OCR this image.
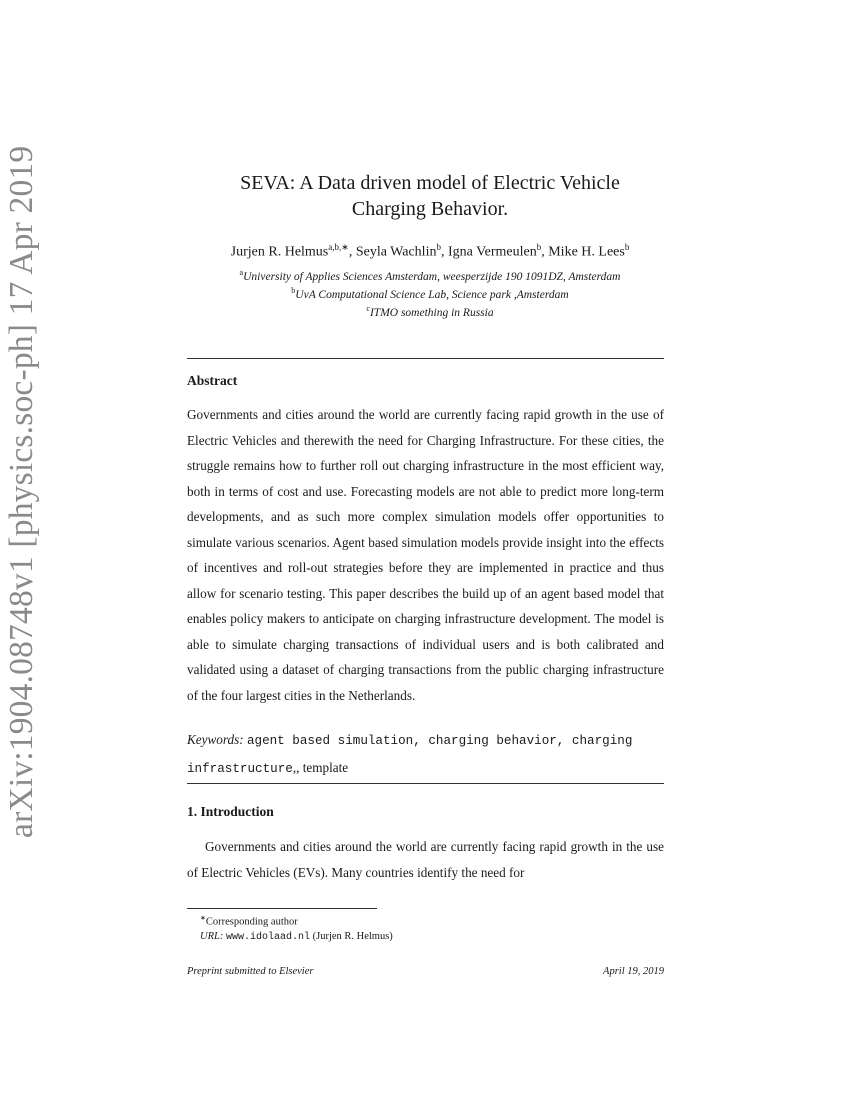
arXiv:1904.08748v1 [physics.soc-ph] 17 Apr 2019	SEVA: A Data driven model of Electric Vehicle
Charging Behavior.
Jurjen R. Helmus$^{a,b,∗}$, Seyla Wachlin$^b$, Igna Vermeulen$^b$, Mike H. Lees$^b$
$^a$University of Applies Sciences Amsterdam, weesperzijde 190 1091DZ, Amsterdam
$^b$UvA Computational Science Lab, Science park ,Amsterdam
$^c$ITMO something in Russia
Abstract
Governments and cities around the world are currently facing rapid growth in the use of Electric Vehicles and therewith the need for Charging Infrastructure. For these cities, the struggle remains how to further roll out charging infrastructure in the most efficient way, both in terms of cost and use. Forecasting models are not able to predict more long-term developments, and as such more complex simulation models offer opportunities to simulate various scenarios. Agent based simulation models provide insight into the effects of incentives and roll-out strategies before they are implemented in practice and thus allow for scenario testing. This paper describes the build up of an agent based model that enables policy makers to anticipate on charging infrastructure development. The model is able to simulate charging transactions of individual users and is both calibrated and validated using a dataset of charging transactions from the public charging infrastructure of the four largest cities in the Netherlands.
Keywords: agent based simulation, charging behavior, charging infrastructure,, template
1. Introduction
Governments and cities around the world are currently facing rapid growth in the use of Electric Vehicles (EVs). Many countries identify the need for
∗Corresponding author
URL: www.idolaad.nl (Jurjen R. Helmus)
Preprint submitted to Elsevier	April 19, 2019
